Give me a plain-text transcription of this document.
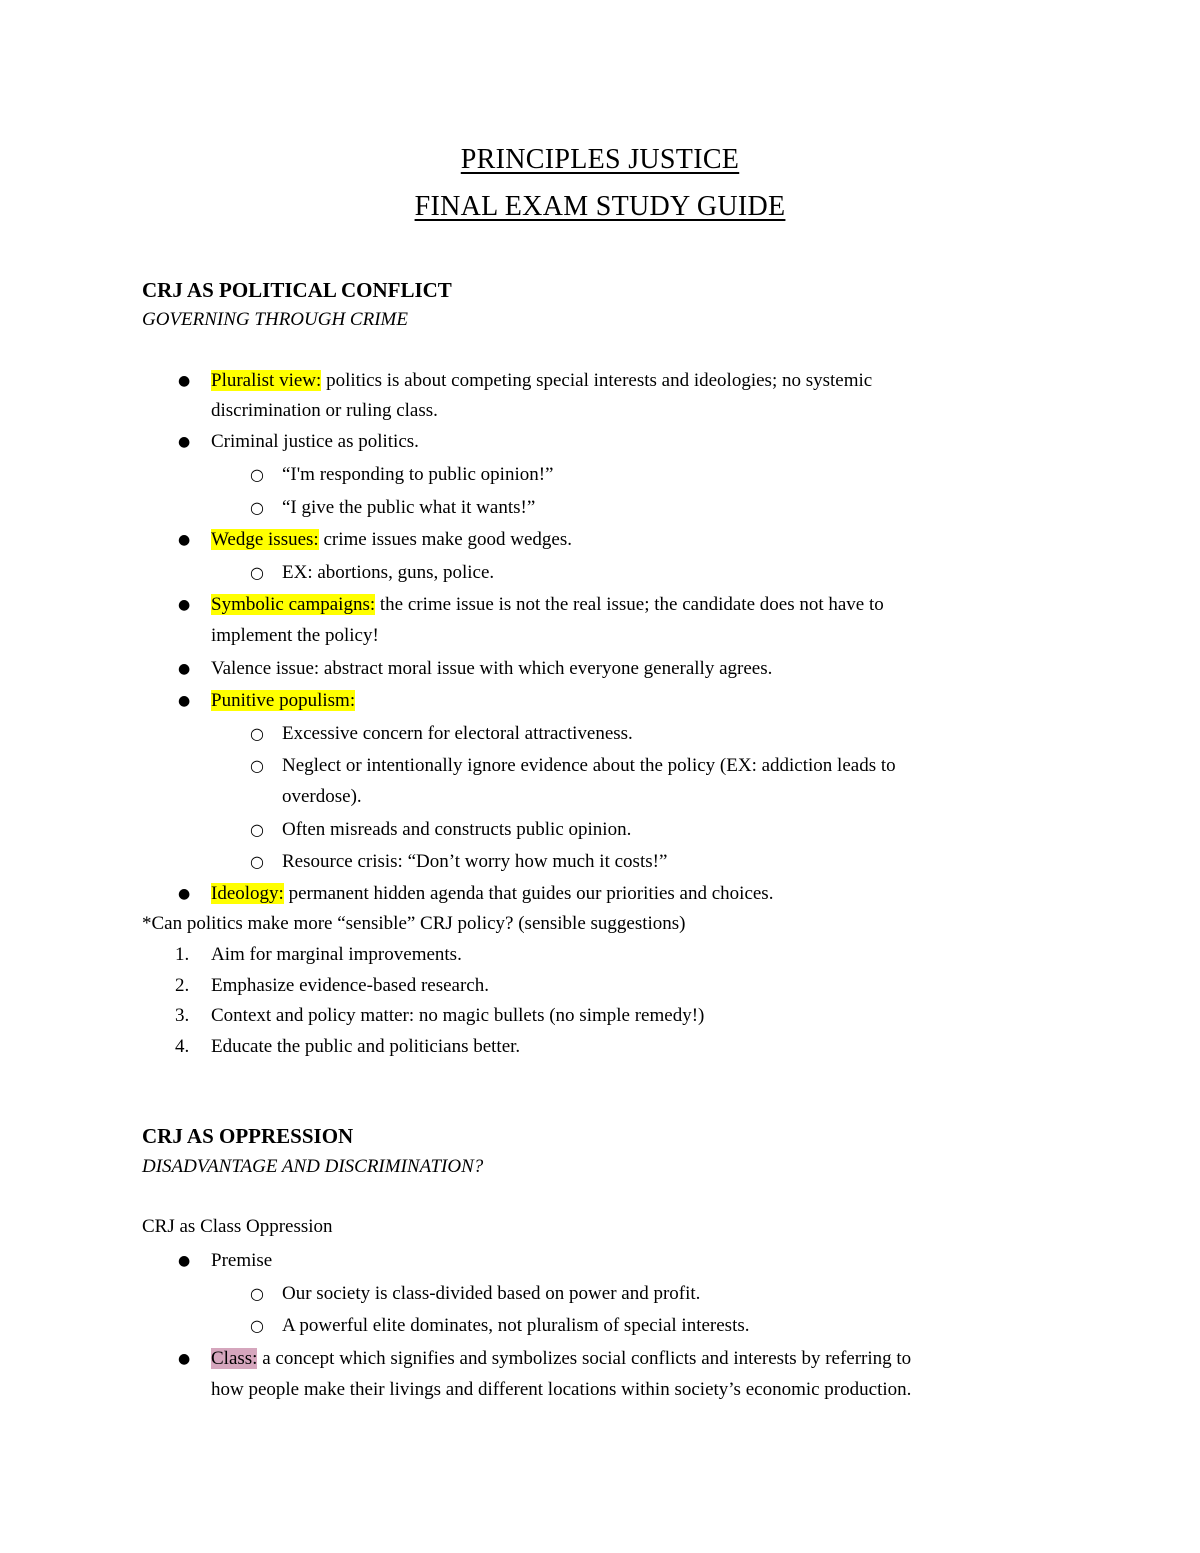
PRINCIPLES JUSTICE
FINAL EXAM STUDY GUIDE
CRJ AS POLITICAL CONFLICT
GOVERNING THROUGH CRIME
● Pluralist view: politics is about competing special interests and ideologies; no systemic
discrimination or ruling class.
● Criminal justice as politics.
○ “I'm responding to public opinion!”
○ “I give the public what it wants!”
● Wedge issues: crime issues make good wedges.
○ EX: abortions, guns, police.
● Symbolic campaigns: the crime issue is not the real issue; the candidate does not have to
implement the policy!
● Valence issue: abstract moral issue with which everyone generally agrees.
● Punitive populism:
○ Excessive concern for electoral attractiveness.
○ Neglect or intentionally ignore evidence about the policy (EX: addiction leads to
overdose).
○ Often misreads and constructs public opinion.
○ Resource crisis: “Don’t worry how much it costs!”
● Ideology: permanent hidden agenda that guides our priorities and choices.
*Can politics make more “sensible” CRJ policy? (sensible suggestions)
1. Aim for marginal improvements.
2. Emphasize evidence-based research.
3. Context and policy matter: no magic bullets (no simple remedy!)
4. Educate the public and politicians better.
CRJ AS OPPRESSION
DISADVANTAGE AND DISCRIMINATION?
CRJ as Class Oppression
● Premise
○ Our society is class-divided based on power and profit.
○ A powerful elite dominates, not pluralism of special interests.
● Class: a concept which signifies and symbolizes social conflicts and interests by referring to
how people make their livings and different locations within society’s economic production.
